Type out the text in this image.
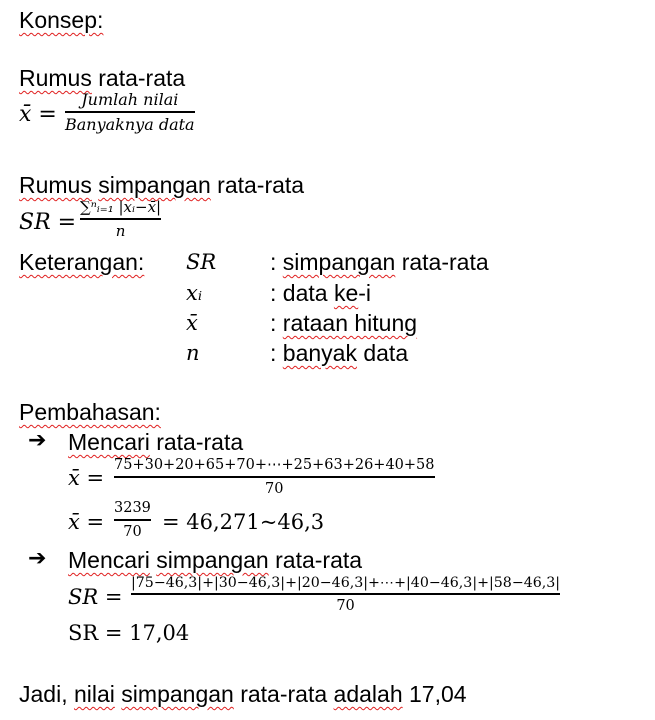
Konsep:
Rumus rata-rata
x̄ =
Jumlah nilai
Banyaknya data
Rumus simpangan rata-rata
SR =
∑ⁿᵢ₌₁ |xᵢ−x̄|
n
Keterangan: SR : simpangan rata-rata
xᵢ	: data ke-i
x̄	: rataan hitung
n	: banyak data
Pembahasan:
➔ Mencari rata-rata
x̄ =
75+30+20+65+70+⋯+25+63+26+40+58
70
x̄ =
3239
70 = 46,271~46,3
➔ Mencari simpangan rata-rata
SR =
|75−46,3|+|30−46,3|+|20−46,3|+⋯+|40−46,3|+|58−46,3|
70
SR = 17,04
Jadi, nilai simpangan rata-rata adalah 17,04
